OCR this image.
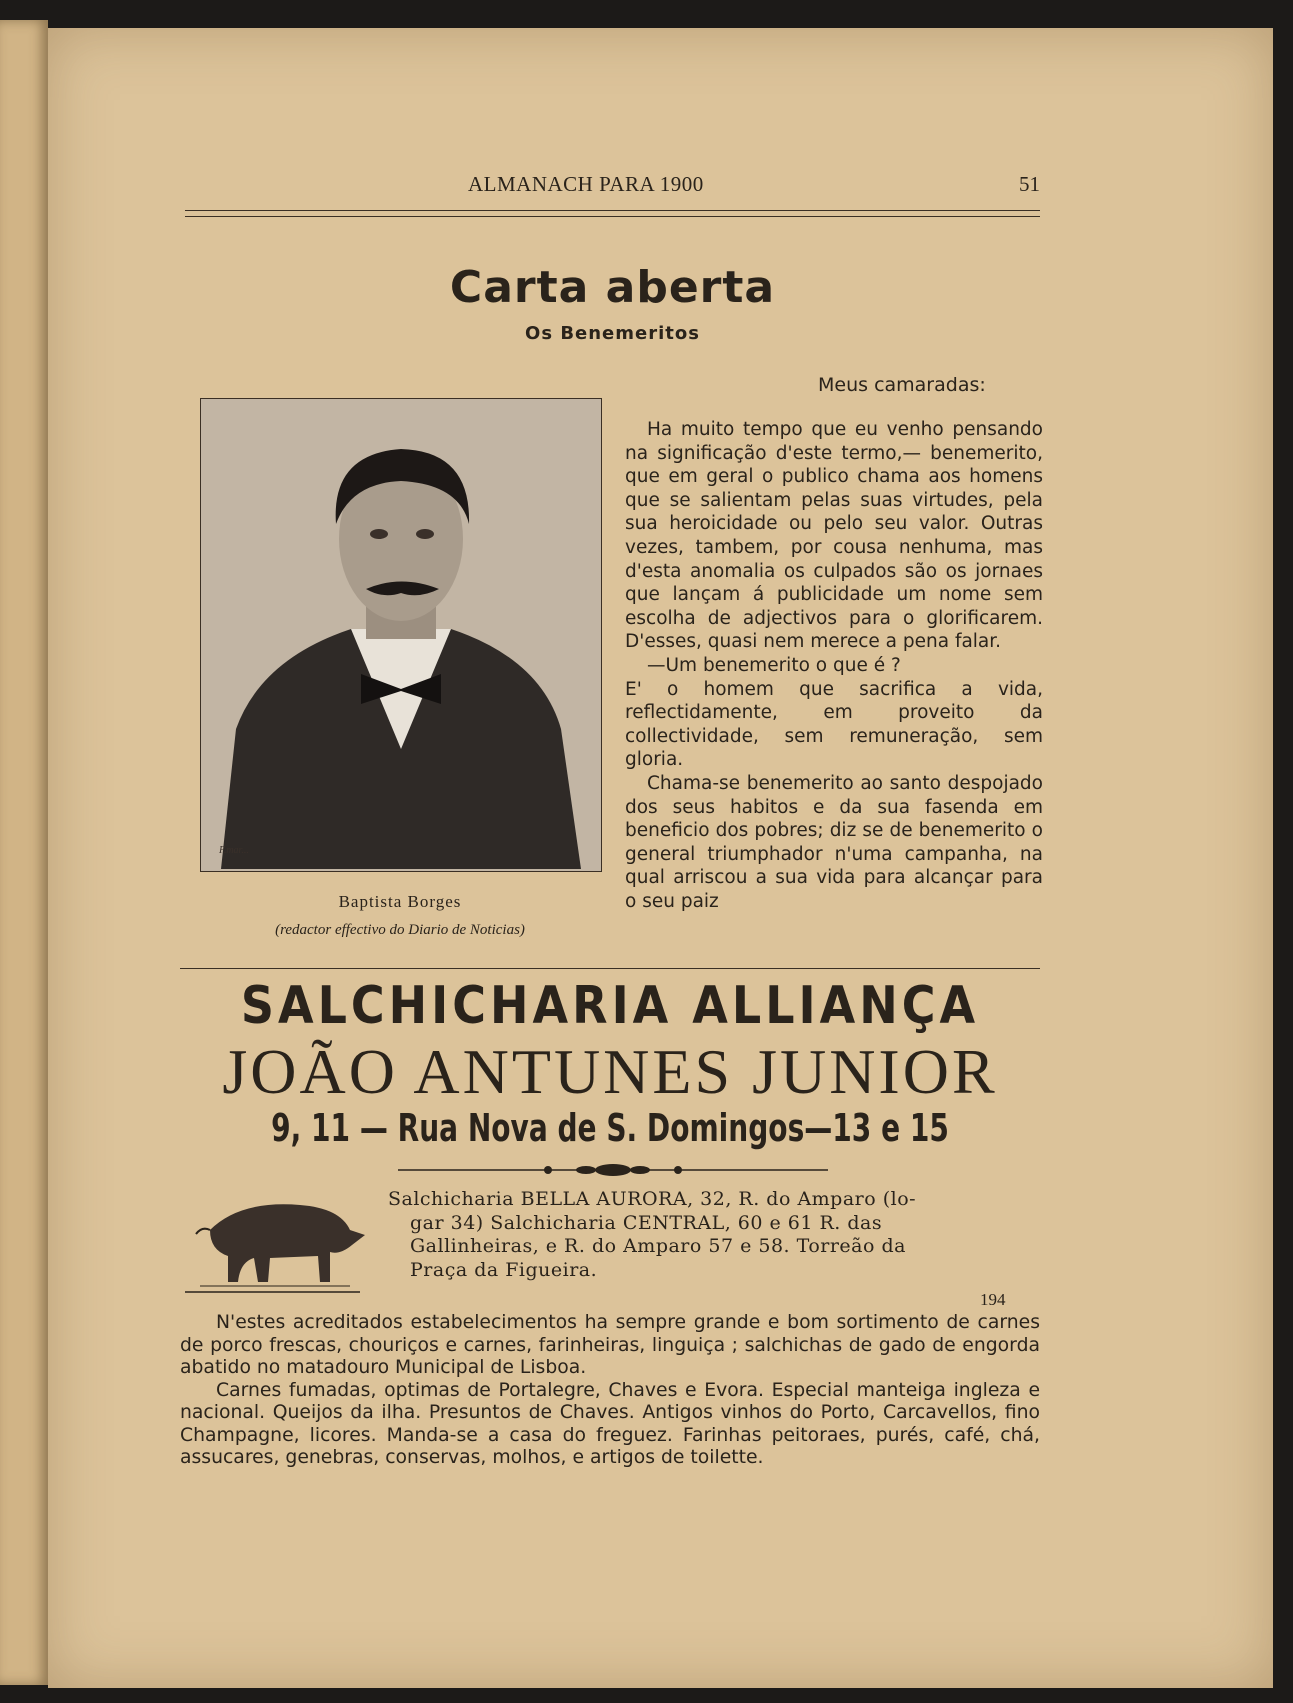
ALMANACH PARA 1900	51
Carta aberta
Os Benemeritos
F.mar...
Baptista Borges
(redactor effectivo do Diario de Noticias)
Meus camaradas:

Ha muito tempo que eu venho pensando na significação d'este termo,— benemerito, que em geral o publico chama aos homens que se salientam pelas suas virtudes, pela sua heroicidade ou pelo seu valor. Outras vezes, tambem, por cousa nenhuma, mas d'esta anomalia os culpados são os jornaes que lançam á publicidade um nome sem escolha de adjectivos para o glorificarem. D'esses, quasi nem merece a pena falar.

—Um benemerito o que é ?

E' o homem que sacrifica a vida, reflectidamente, em proveito da collectividade, sem remuneração, sem gloria.

Chama-se benemerito ao santo despojado dos seus habitos e da sua fasenda em beneficio dos pobres; diz se de benemerito o general triumphador n'uma campanha, na qual arriscou a sua vida para alcançar para o seu paiz

SALCHICHARIA ALLIANÇA
JOÃO ANTUNES JUNIOR
9, 11 — Rua Nova de S. Domingos—13 e 15
Salchicharia BELLA AURORA, 32, R. do Amparo (lo-
gar 34) Salchicharia CENTRAL, 60 e 61 R. das
Gallinheiras, e R. do Amparo 57 e 58. Torreão da
Praça da Figueira.
194

N'estes acreditados estabelecimentos ha sempre grande e bom sortimento de carnes de porco frescas, chouriços e carnes, farinheiras, linguiça ; salchichas de gado de engorda abatido no matadouro Municipal de Lisboa.

Carnes fumadas, optimas de Portalegre, Chaves e Evora. Especial manteiga ingleza e nacional. Queijos da ilha. Presuntos de Chaves. Antigos vinhos do Porto, Carcavellos, fino Champagne, licores. Manda-se a casa do freguez. Farinhas peitoraes, purés, café, chá, assucares, genebras, conservas, molhos, e artigos de toilette.
